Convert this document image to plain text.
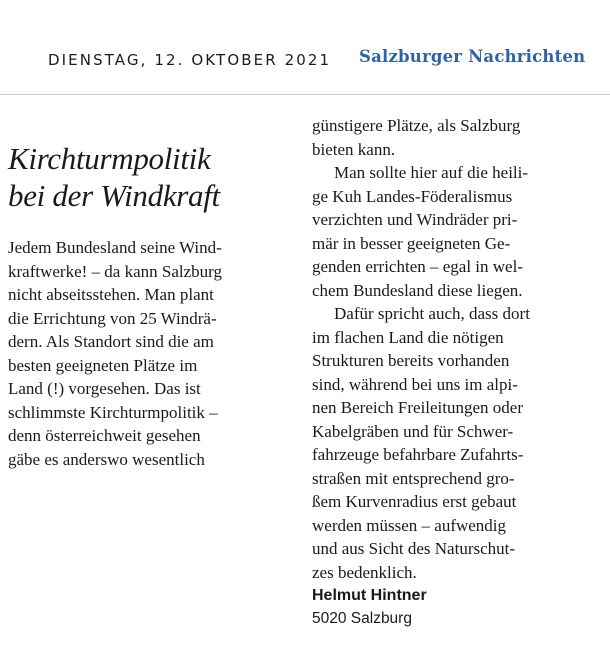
DIENSTAG, 12. OKTOBER 2021 Salzburger Nachrichten
Kirchturmpolitik
bei der Windkraft
Jedem Bundesland seine Wind-
kraftwerke! – da kann Salzburg
nicht abseitsstehen. Man plant
die Errichtung von 25 Windrä-
dern. Als Standort sind die am
besten geeigneten Plätze im
Land (!) vorgesehen. Das ist
schlimmste Kirchturmpolitik –
denn österreichweit gesehen
gäbe es anderswo wesentlich
günstigere Plätze, als Salzburg
bieten kann.
Man sollte hier auf die heili-
ge Kuh Landes-Föderalismus
verzichten und Windräder pri-
mär in besser geeigneten Ge-
genden errichten – egal in wel-
chem Bundesland diese liegen.
Dafür spricht auch, dass dort
im flachen Land die nötigen
Strukturen bereits vorhanden
sind, während bei uns im alpi-
nen Bereich Freileitungen oder
Kabelgräben und für Schwer-
fahrzeuge befahrbare Zufahrts-
straßen mit entsprechend gro-
ßem Kurvenradius erst gebaut
werden müssen – aufwendig
und aus Sicht des Naturschut-
zes bedenklich.
Helmut Hintner
5020 Salzburg
